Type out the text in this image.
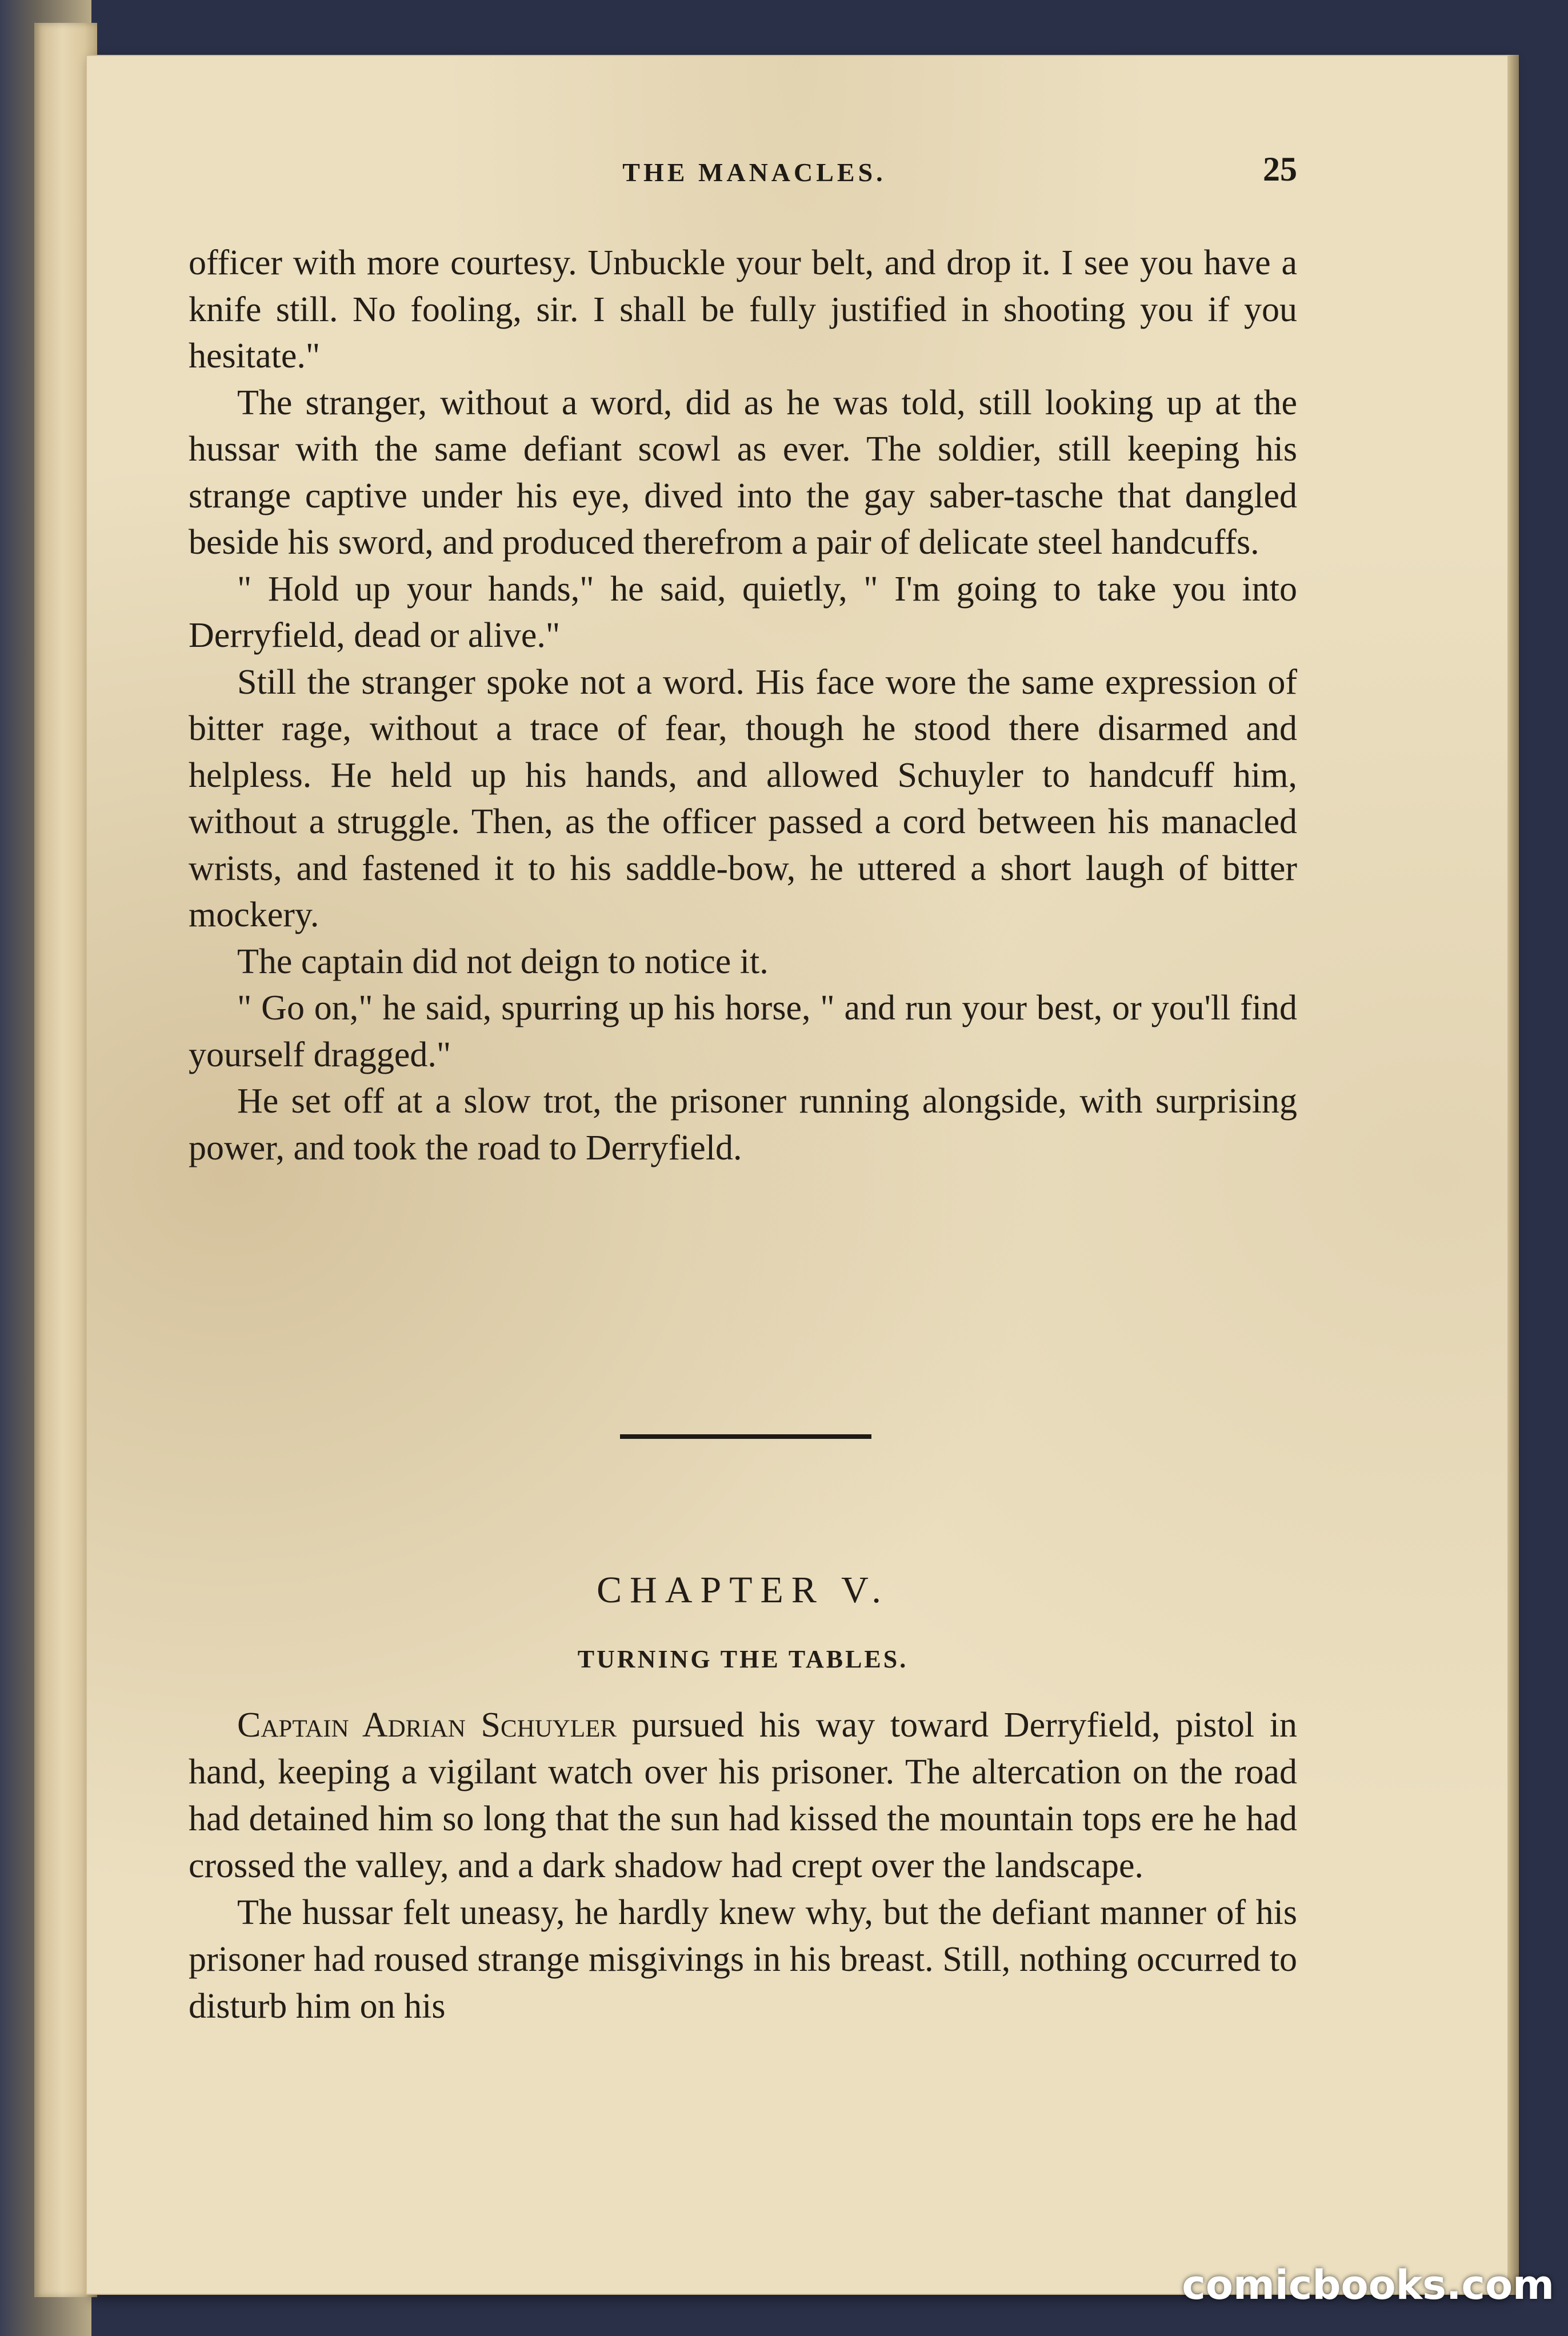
THE MANACLES.	25

officer with more courtesy. Unbuckle your belt, and drop it. I see you have a knife still. No fooling, sir. I shall be fully justified in shooting you if you hesitate."

The stranger, without a word, did as he was told, still looking up at the hussar with the same defiant scowl as ever. The soldier, still keeping his strange captive under his eye, dived into the gay saber-tasche that dangled beside his sword, and produced therefrom a pair of delicate steel handcuffs.

" Hold up your hands," he said, quietly, " I'm going to take you into Derryfield, dead or alive."

Still the stranger spoke not a word. His face wore the same expression of bitter rage, without a trace of fear, though he stood there disarmed and helpless. He held up his hands, and allowed Schuyler to handcuff him, without a struggle. Then, as the officer passed a cord between his manacled wrists, and fastened it to his saddle-bow, he uttered a short laugh of bitter mockery.

The captain did not deign to notice it.

" Go on," he said, spurring up his horse, " and run your best, or you'll find yourself dragged."

He set off at a slow trot, the prisoner running alongside, with surprising power, and took the road to Derryfield.

CHAPTER V.
TURNING THE TABLES.

Captain Adrian Schuyler pursued his way toward Derryfield, pistol in hand, keeping a vigilant watch over his prisoner. The altercation on the road had detained him so long that the sun had kissed the mountain tops ere he had crossed the valley, and a dark shadow had crept over the landscape.

The hussar felt uneasy, he hardly knew why, but the defiant manner of his prisoner had roused strange misgivings in his breast. Still, nothing occurred to disturb him on his

comicbooks.com
